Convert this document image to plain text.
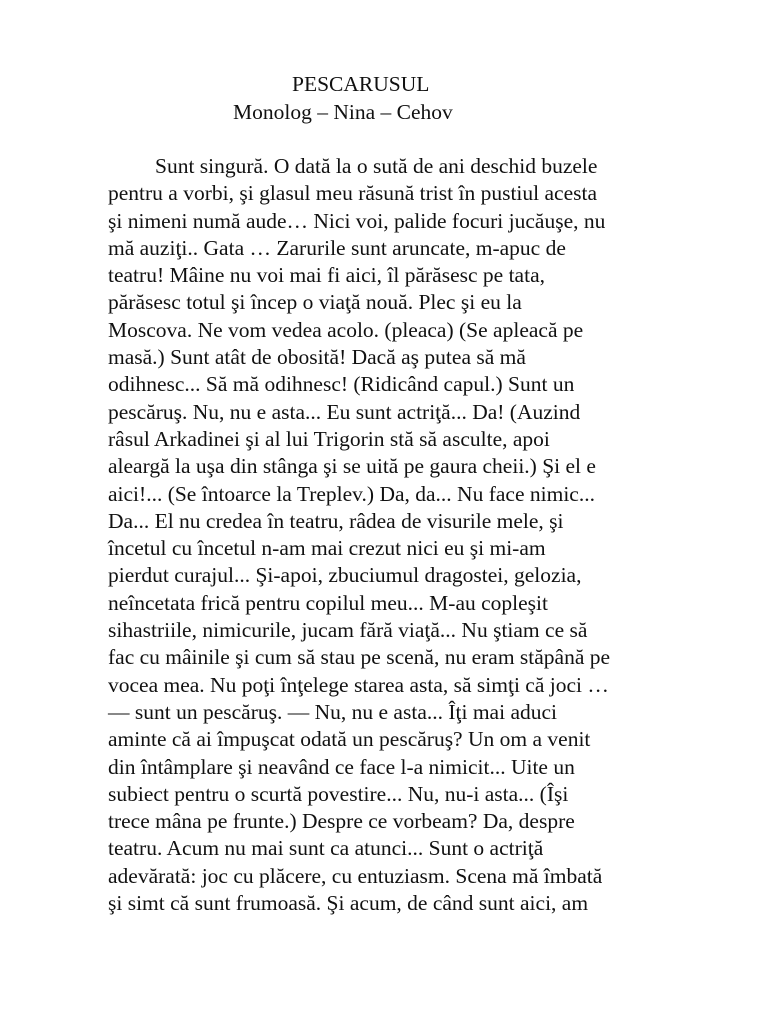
PESCARUSUL
Monolog – Nina – Cehov
Sunt singură. O dată la o sută de ani deschid buzele
pentru a vorbi, şi glasul meu răsună trist în pustiul acesta
şi nimeni numă aude… Nici voi, palide focuri jucăuşe, nu
mă auziţi.. Gata … Zarurile sunt aruncate, m-apuc de
teatru! Mâine nu voi mai fi aici, îl părăsesc pe tata,
părăsesc totul şi încep o viaţă nouă. Plec şi eu la
Moscova. Ne vom vedea acolo. (pleaca) (Se apleacă pe
masă.) Sunt atât de obosită! Dacă aş putea să mă
odihnesc... Să mă odihnesc! (Ridicând capul.) Sunt un
pescăruş. Nu, nu e asta... Eu sunt actriţă... Da! (Auzind
râsul Arkadinei şi al lui Trigorin stă să asculte, apoi
aleargă la uşa din stânga şi se uită pe gaura cheii.) Şi el e
aici!... (Se întoarce la Treplev.) Da, da... Nu face nimic...
Da... El nu credea în teatru, râdea de visurile mele, şi
încetul cu încetul n-am mai crezut nici eu şi mi-am
pierdut curajul... Şi-apoi, zbuciumul dragostei, gelozia,
neîncetata frică pentru copilul meu... M-au copleşit
sihastriile, nimicurile, jucam fără viaţă... Nu ştiam ce să
fac cu mâinile şi cum să stau pe scenă, nu eram stăpână pe
vocea mea. Nu poţi înţelege starea asta, să simţi că joci …
— sunt un pescăruş. — Nu, nu e asta... Îţi mai aduci
aminte că ai împuşcat odată un pescăruş? Un om a venit
din întâmplare şi neavând ce face l-a nimicit... Uite un
subiect pentru o scurtă povestire... Nu, nu-i asta... (Îşi
trece mâna pe frunte.) Despre ce vorbeam? Da, despre
teatru. Acum nu mai sunt ca atunci... Sunt o actriţă
adevărată: joc cu plăcere, cu entuziasm. Scena mă îmbată
şi simt că sunt frumoasă. Şi acum, de când sunt aici, am
